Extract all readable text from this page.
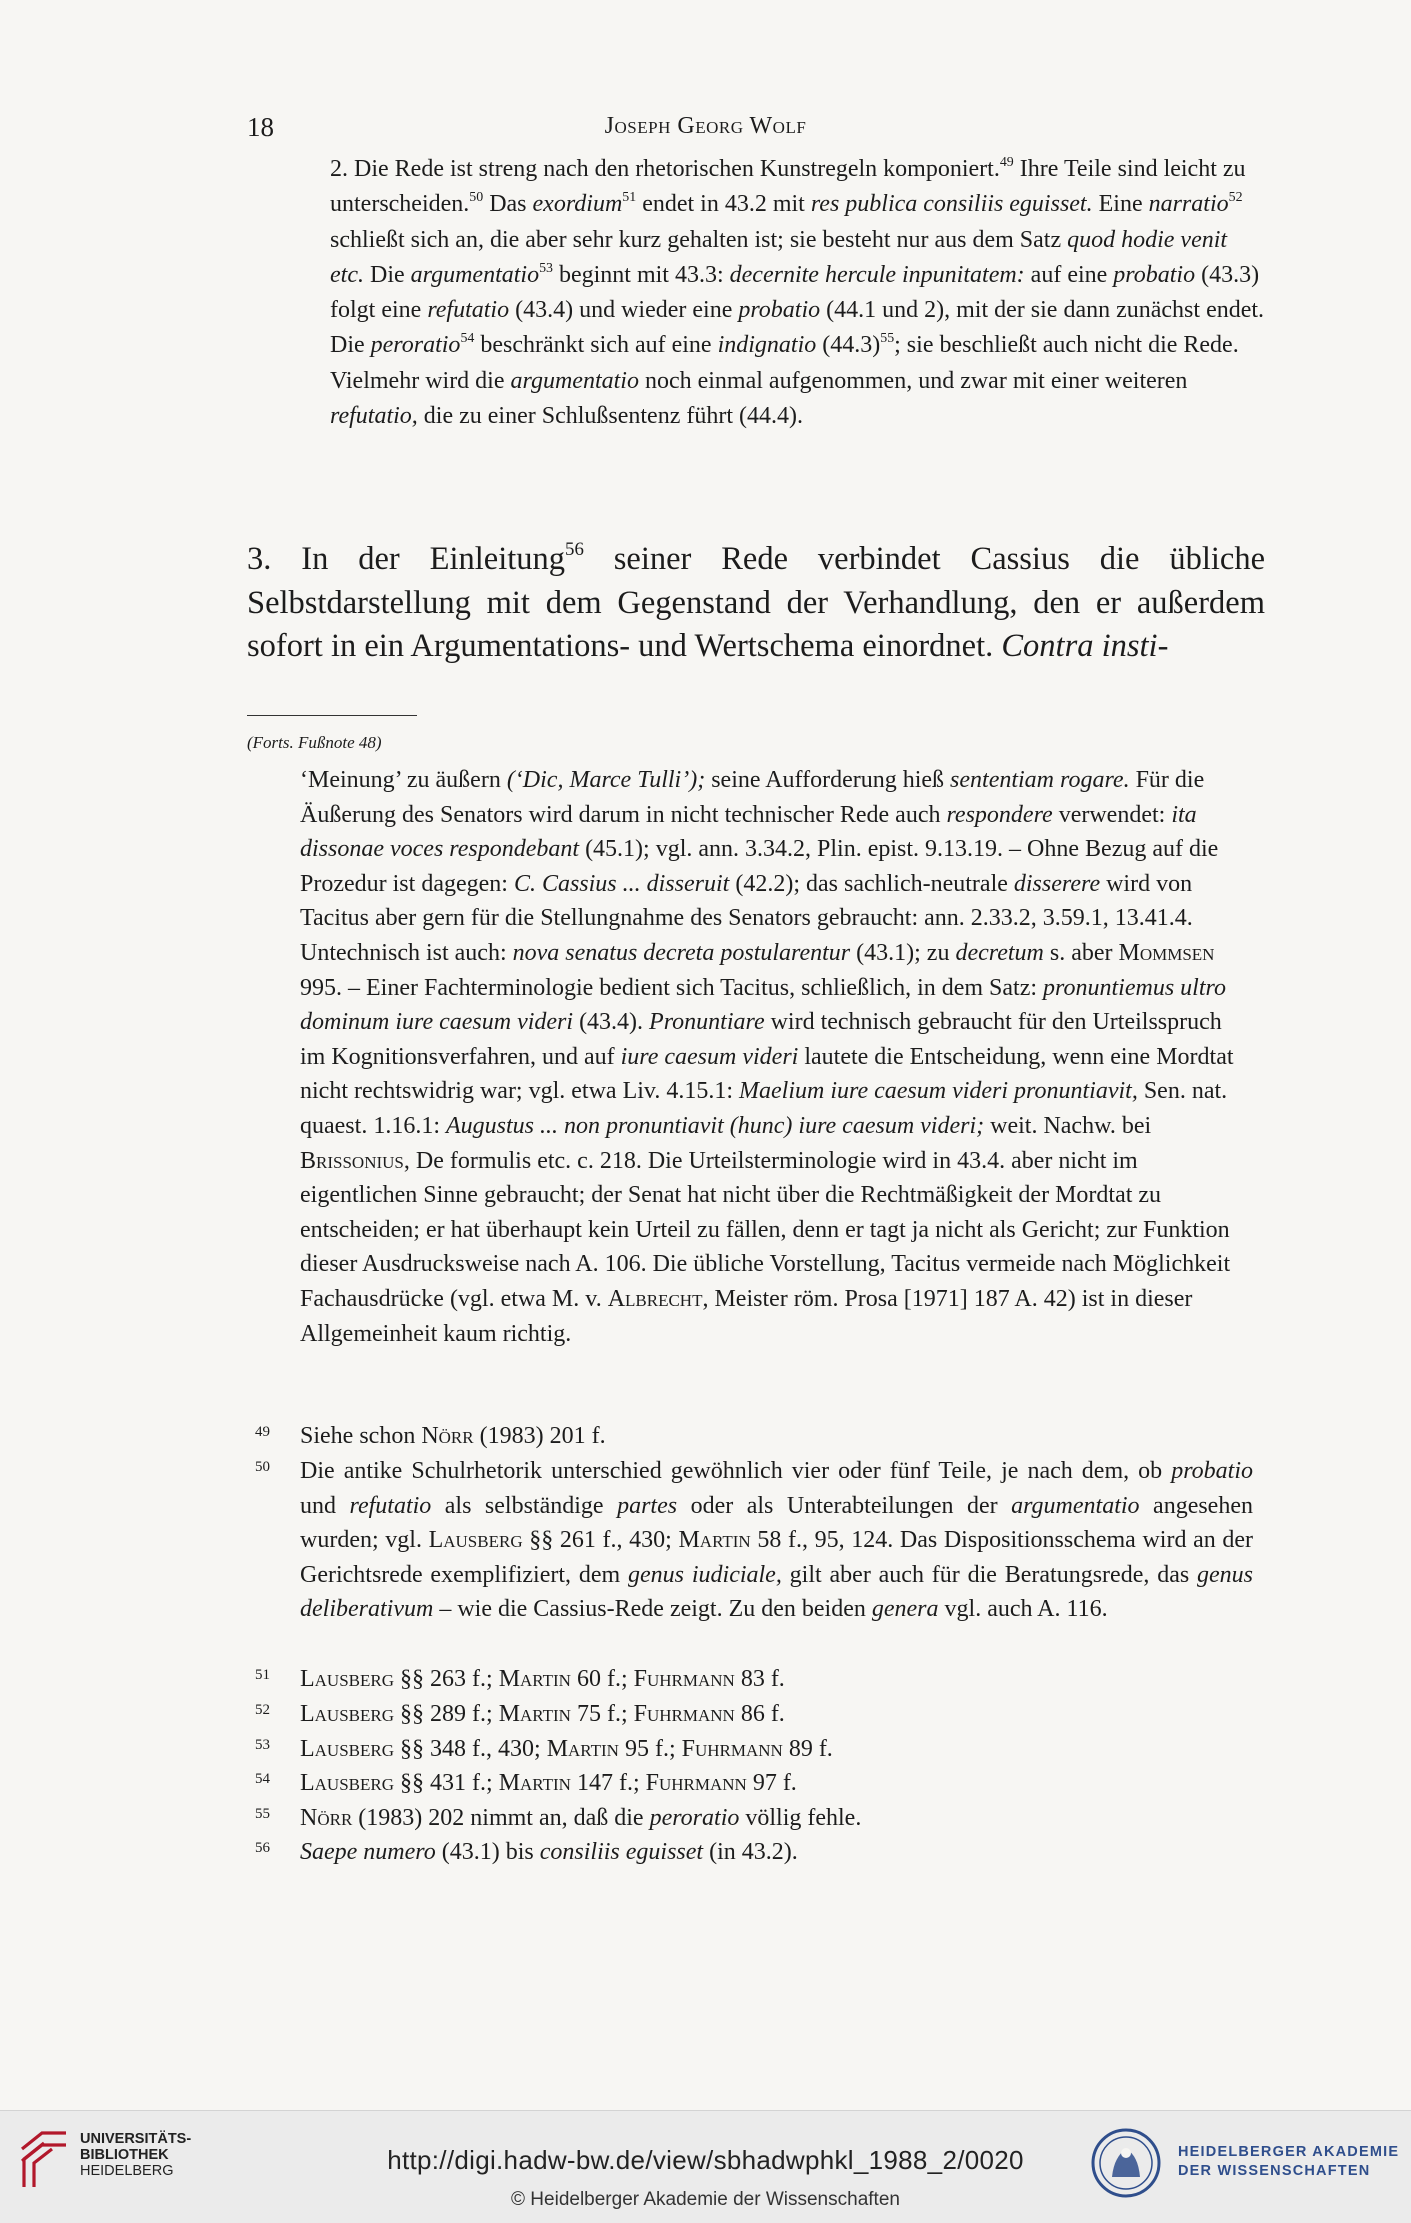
18	Joseph Georg Wolf

2. Die Rede ist streng nach den rhetorischen Kunstregeln komponiert.$^{49}$ Ihre Teile sind leicht zu unterscheiden.$^{50}$ Das exordium$^{51}$ endet in 43.2 mit res publica consiliis eguisset. Eine narratio$^{52}$ schließt sich an, die aber sehr kurz gehalten ist; sie besteht nur aus dem Satz quod hodie venit etc. Die argumentatio$^{53}$ beginnt mit 43.3: decernite hercule inpunitatem: auf eine probatio (43.3) folgt eine refutatio (43.4) und wieder eine probatio (44.1 und 2), mit der sie dann zunächst endet. Die peroratio$^{54}$ beschränkt sich auf eine indignatio $(44.3)^{55}$; sie beschließt auch nicht die Rede. Vielmehr wird die argumentatio noch einmal aufgenommen, und zwar mit einer weiteren refutatio, die zu einer Schlußsentenz führt (44.4).

3. In der Einleitung$^{56}$ seiner Rede verbindet Cassius die übliche Selbstdarstellung mit dem Gegenstand der Verhandlung, den er außerdem sofort in ein Argumentations- und Wertschema einordnet. Contra insti-

(Forts. Fußnote 48)

‘Meinung’ zu äußern (‘Dic, Marce Tulli’); seine Aufforderung hieß sententiam rogare. Für die Äußerung des Senators wird darum in nicht technischer Rede auch respondere verwendet: ita dissonae voces respondebant (45.1); vgl. ann. 3.34.2, Plin. epist. 9.13.19. – Ohne Bezug auf die Prozedur ist dagegen: C. Cassius ... disseruit (42.2); das sachlich-neutrale disserere wird von Tacitus aber gern für die Stellungnahme des Senators gebraucht: ann. 2.33.2, 3.59.1, 13.41.4. Untechnisch ist auch: nova senatus decreta postularentur (43.1); zu decretum s. aber Mommsen 995. – Einer Fachterminologie bedient sich Tacitus, schließlich, in dem Satz: pronuntiemus ultro dominum iure caesum videri (43.4). Pronuntiare wird technisch gebraucht für den Urteilsspruch im Kognitionsverfahren, und auf iure caesum videri lautete die Entscheidung, wenn eine Mordtat nicht rechtswidrig war; vgl. etwa Liv. 4.15.1: Maelium iure caesum videri pronuntiavit, Sen. nat. quaest. 1.16.1: Augustus ... non pronuntiavit (hunc) iure caesum videri; weit. Nachw. bei Brissonius, De formulis etc. c. 218. Die Urteilsterminologie wird in 43.4. aber nicht im eigentlichen Sinne gebraucht; der Senat hat nicht über die Rechtmäßigkeit der Mordtat zu entscheiden; er hat überhaupt kein Urteil zu fällen, denn er tagt ja nicht als Gericht; zur Funktion dieser Ausdrucksweise nach A. 106. Die übliche Vorstellung, Tacitus vermeide nach Möglichkeit Fachausdrücke (vgl. etwa M. v. Albrecht, Meister röm. Prosa [1971] 187 A. 42) ist in dieser Allgemeinheit kaum richtig.

49 Siehe schon Nörr (1983) 201 f.
50 Die antike Schulrhetorik unterschied gewöhnlich vier oder fünf Teile, je nach dem, ob probatio und refutatio als selbständige partes oder als Unterabteilungen der argumentatio angesehen wurden; vgl. Lausberg §§ 261 f., 430; Martin 58 f., 95, 124. Das Dispositionsschema wird an der Gerichtsrede exemplifiziert, dem genus iudiciale, gilt aber auch für die Beratungsrede, das genus deliberativum – wie die Cassius-Rede zeigt. Zu den beiden genera vgl. auch A. 116.
51 Lausberg §§ 263 f.; Martin 60 f.; Fuhrmann 83 f.
52 Lausberg §§ 289 f.; Martin 75 f.; Fuhrmann 86 f.
53 Lausberg §§ 348 f., 430; Martin 95 f.; Fuhrmann 89 f.
54 Lausberg §§ 431 f.; Martin 147 f.; Fuhrmann 97 f.
55 Nörr (1983) 202 nimmt an, daß die peroratio völlig fehle.
56 Saepe numero (43.1) bis consiliis eguisset (in 43.2).
UNIVERSITÄTS-
BIBLIOTHEK
HEIDELBERG	http://digi.hadw-bw.de/view/sbhadwphkl_1988_2/0020
© Heidelberger Akademie der Wissenschaften
HEIDELBERGER AKADEMIE
DER WISSENSCHAFTEN
